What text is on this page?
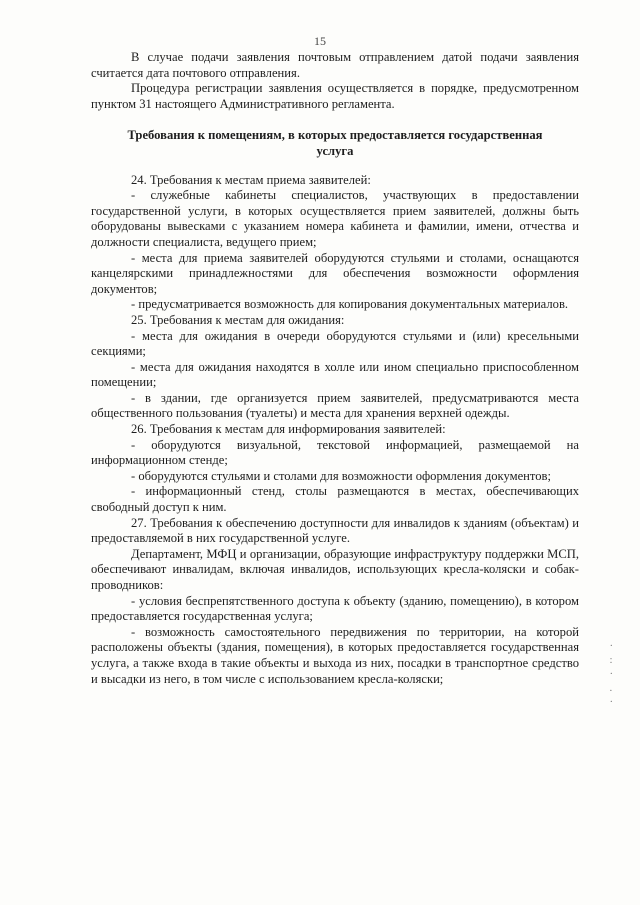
15

В случае подачи заявления почтовым отправлением датой подачи заявления считается дата почтового отправления.

Процедура регистрации заявления осуществляется в порядке, предусмотренном пунктом 31 настоящего Административного регламента.

Требования к помещениям, в которых предоставляется государственная услуга

24. Требования к местам приема заявителей:

- служебные кабинеты специалистов, участвующих в предоставлении государственной услуги, в которых осуществляется прием заявителей, должны быть оборудованы вывесками с указанием номера кабинета и фамилии, имени, отчества и должности специалиста, ведущего прием;

- места для приема заявителей оборудуются стульями и столами, оснащаются канцелярскими принадлежностями для обеспечения возможности оформления документов;

- предусматривается возможность для копирования документальных материалов.

25. Требования к местам для ожидания:

- места для ожидания в очереди оборудуются стульями и (или) кресельными секциями;

- места для ожидания находятся в холле или ином специально приспособленном помещении;

- в здании, где организуется прием заявителей, предусматриваются места общественного пользования (туалеты) и места для хранения верхней одежды.

26. Требования к местам для информирования заявителей:

- оборудуются визуальной, текстовой информацией, размещаемой на информационном стенде;

- оборудуются стульями и столами для возможности оформления документов;

- информационный стенд, столы размещаются в местах, обеспечивающих свободный доступ к ним.

27. Требования к обеспечению доступности для инвалидов к зданиям (объектам) и предоставляемой в них государственной услуге.

Департамент, МФЦ и организации, образующие инфраструктуру поддержки МСП, обеспечивают инвалидам, включая инвалидов, использующих кресла-коляски и собак-проводников:

- условия беспрепятственного доступа к объекту (зданию, помещению), в котором предоставляется государственная услуга;

- возможность самостоятельного передвижения по территории, на которой расположены объекты (здания, помещения), в которых предоставляется государственная услуга, а также входа в такие объекты и выхода из них, посадки в транспортное средство и высадки из него, в том числе с использованием кресла-коляски;

·
:
·
.
·
